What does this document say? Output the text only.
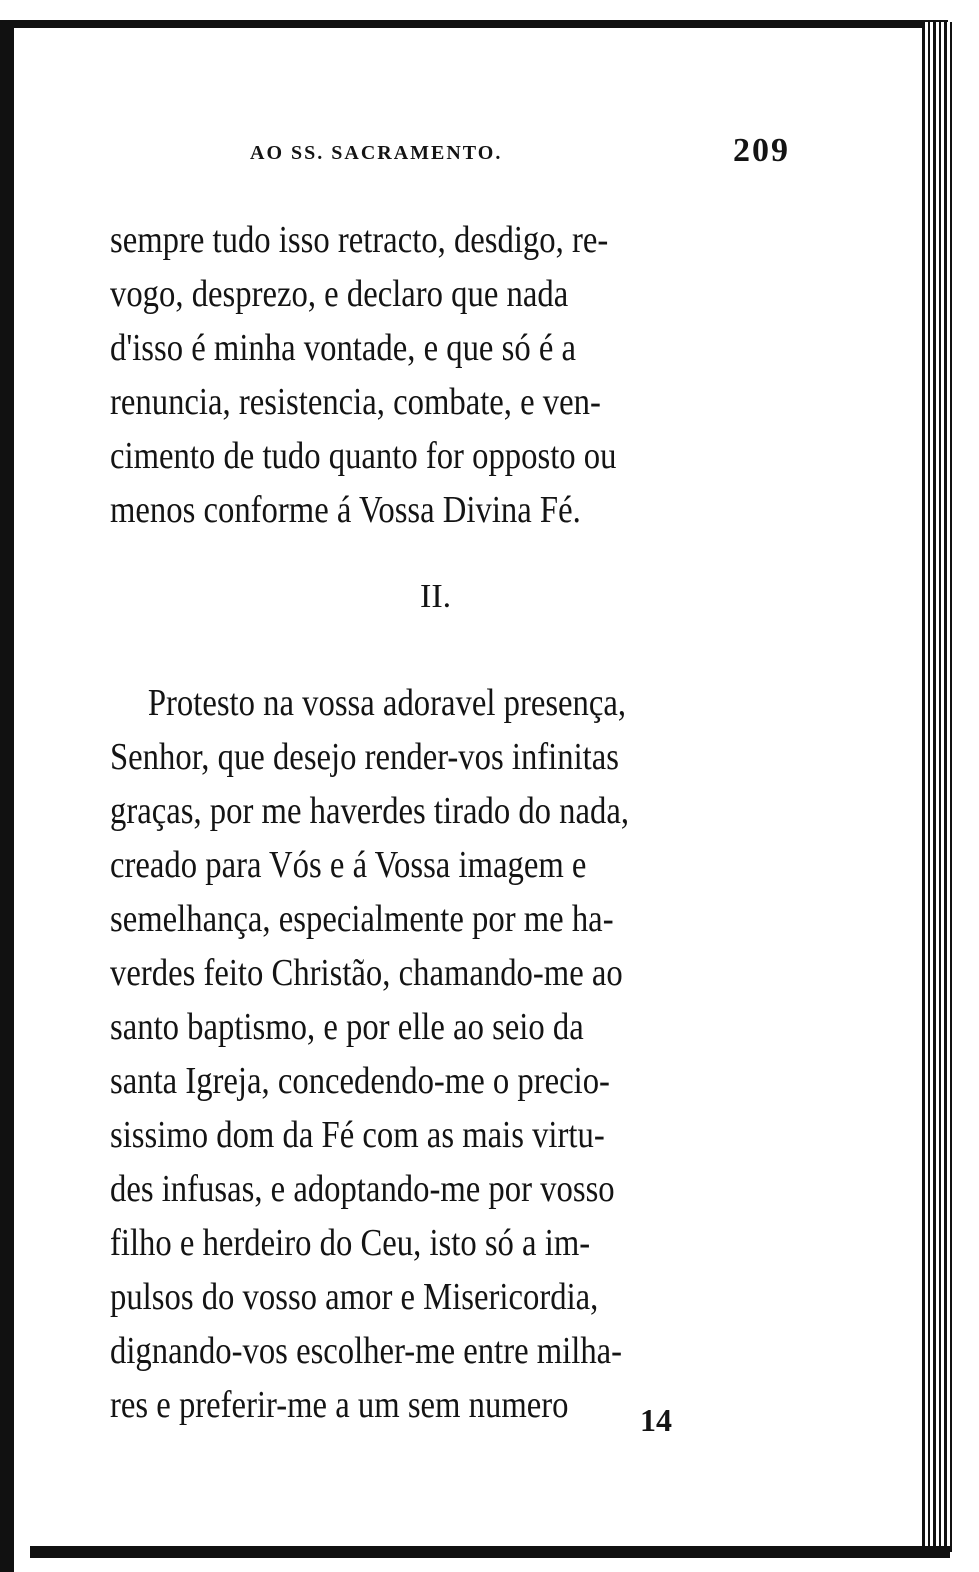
AO SS. SACRAMENTO.	209
sempre tudo isso retracto, desdigo, re-
vogo, desprezo, e declaro que nada
d'isso é minha vontade, e que só é a
renuncia, resistencia, combate, e ven-
cimento de tudo quanto for opposto ou
menos conforme á Vossa Divina Fé.
II.
Protesto na vossa adoravel presença,
Senhor, que desejo render-vos infinitas
graças, por me haverdes tirado do nada,
creado para Vós e á Vossa imagem e
semelhança, especialmente por me ha-
verdes feito Christão, chamando-me ao
santo baptismo, e por elle ao seio da
santa Igreja, concedendo-me o precio-
sissimo dom da Fé com as mais virtu-
des infusas, e adoptando-me por vosso
filho e herdeiro do Ceu, isto só a im-
pulsos do vosso amor e Misericordia,
dignando-vos escolher-me entre milha-
res e preferir-me a um sem numero 14
